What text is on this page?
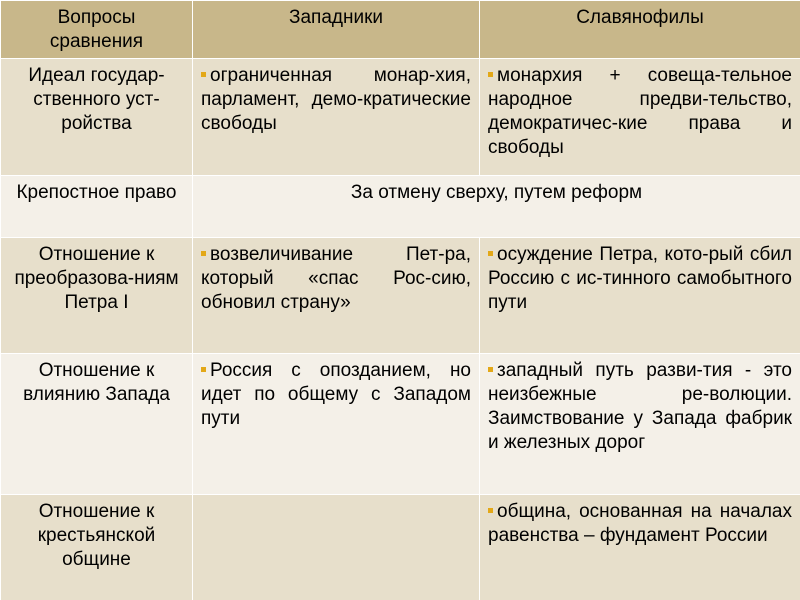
Вопросы сравнения	Западники	Славянофилы
Идеал государ-ственного уст-ройства	ограниченная монар-хия, парламент, демо-кратические свободы	монархия + совеща-тельное народное предви-тельство, демократичес-кие права и свободы
Крепостное право	За отмену сверху, путем реформ	
Отношение к преобразова-ниям Петра I	возвеличивание Пет-ра, который «спас Рос-сию, обновил страну»	осуждение Петра, кото-рый сбил Россию с ис-тинного самобытного пути
Отношение к влиянию Запада	Россия с опозданием, но идет по общему с Западом пути	западный путь разви-тия - это неизбежные ре-волюции. Заимствование у Запада фабрик и железных дорог
Отношение к крестьянской общине		община, основанная на началах равенства – фундамент России
